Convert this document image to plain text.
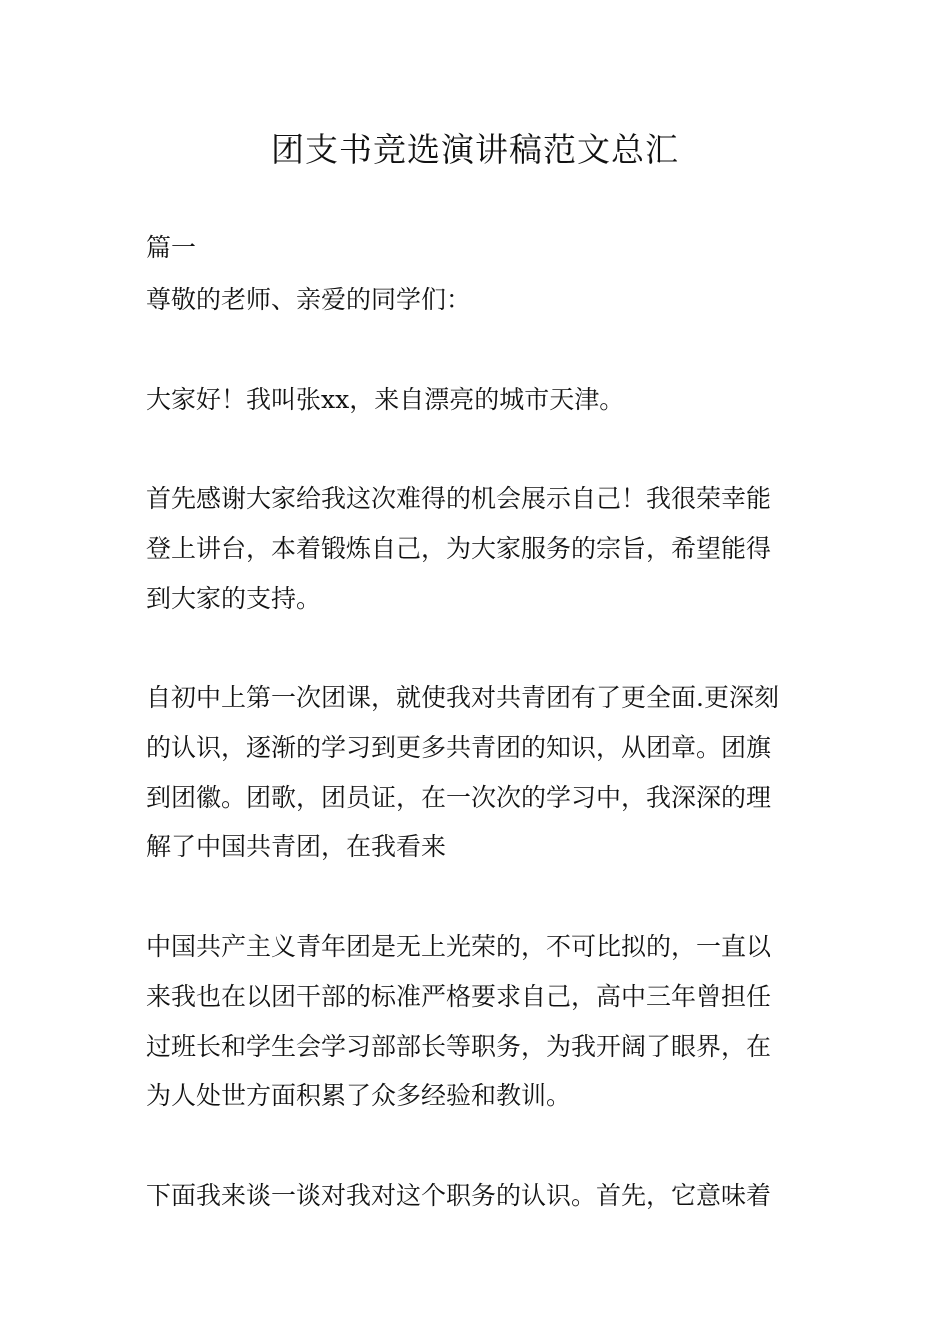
团支书竞选演讲稿范文总汇

篇一

尊敬的老师、亲爱的同学们：

大家好！我叫张xx，来自漂亮的城市天津。

首先感谢大家给我这次难得的机会展示自己！我很荣幸能

登上讲台，本着锻炼自己，为大家服务的宗旨，希望能得

到大家的支持。

自初中上第一次团课，就使我对共青团有了更全面.更深刻

的认识，逐渐的学习到更多共青团的知识，从团章。团旗

到团徽。团歌，团员证，在一次次的学习中，我深深的理

解了中国共青团，在我看来

中国共产主义青年团是无上光荣的，不可比拟的，一直以

来我也在以团干部的标准严格要求自己，高中三年曾担任

过班长和学生会学习部部长等职务，为我开阔了眼界，在

为人处世方面积累了众多经验和教训。

下面我来谈一谈对我对这个职务的认识。首先，它意味着
